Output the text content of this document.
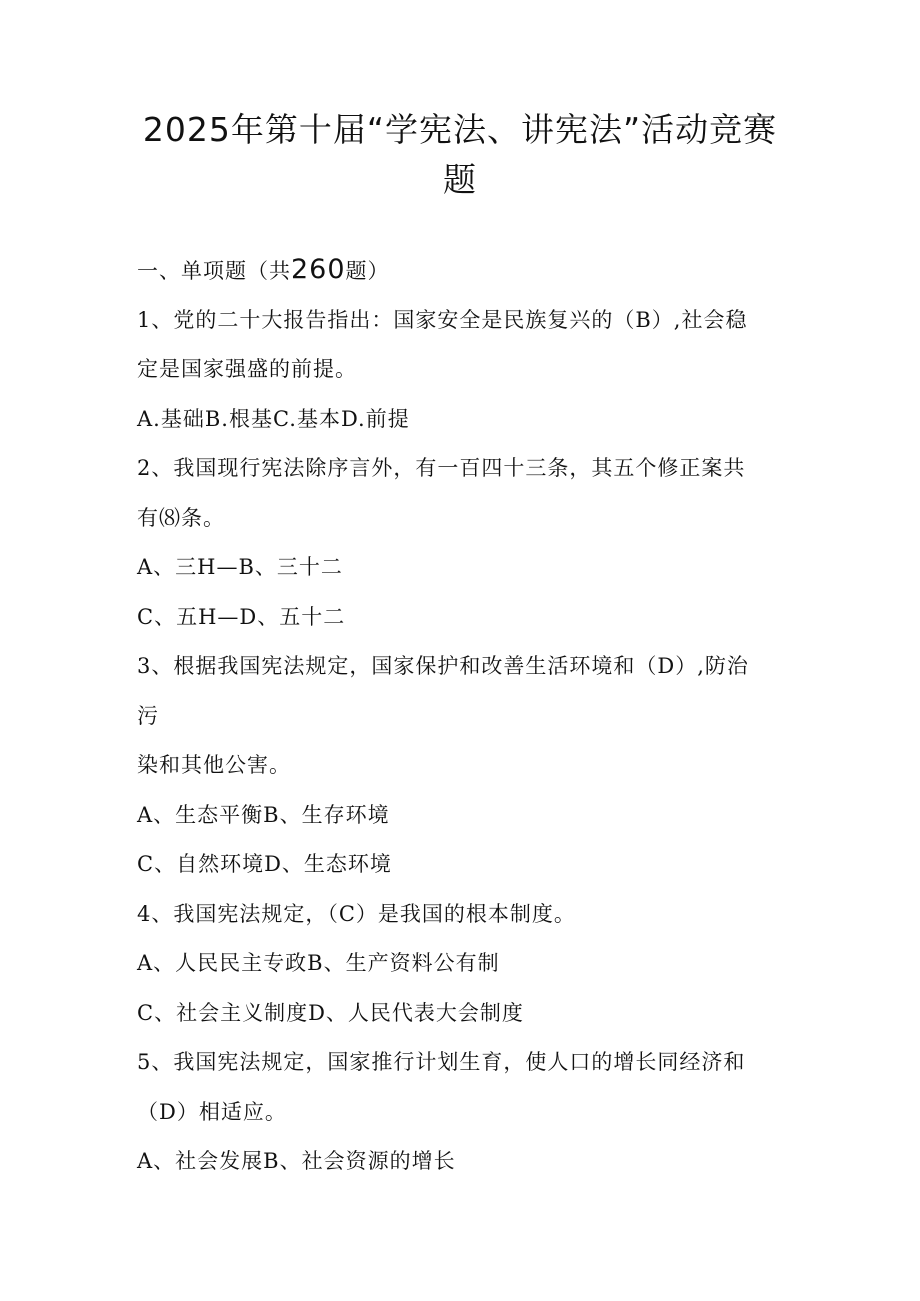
2025年第十届“学宪法、讲宪法”活动竞赛
题
一、单项题（共260题）
1、党的二十大报告指出：国家安全是民族复兴的（B）,社会稳
定是国家强盛的前提。
A.基础B.根基C.基本D.前提
2、我国现行宪法除序言外，有一百四十三条，其五个修正案共
有⑻条。
A、三H—B、三十二
C、五H—D、五十二
3、根据我国宪法规定，国家保护和改善生活环境和（D）,防治
污
染和其他公害。
A、生态平衡B、生存环境
C、自然环境D、生态环境
4、我国宪法规定，（C）是我国的根本制度。
A、人民民主专政B、生产资料公有制
C、社会主义制度D、人民代表大会制度
5、我国宪法规定，国家推行计划生育，使人口的增长同经济和
（D）相适应。
A、社会发展B、社会资源的增长
